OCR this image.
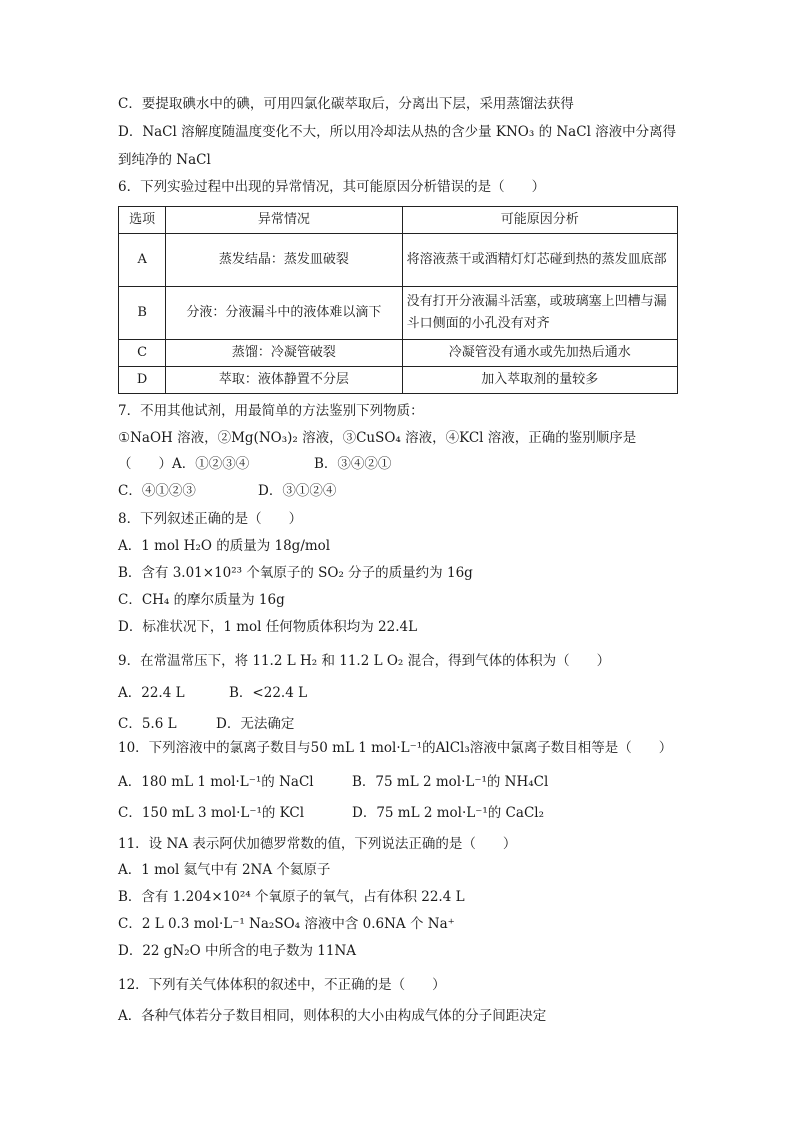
C．要提取碘水中的碘，可用四氯化碳萃取后，分离出下层，采用蒸馏法获得
D．NaCl 溶解度随温度变化不大，所以用冷却法从热的含少量 KNO₃ 的 NaCl 溶液中分离得
到纯净的 NaCl
6．下列实验过程中出现的异常情况，其可能原因分析错误的是（　　）
选项	异常情况	可能原因分析
A	蒸发结晶：蒸发皿破裂	将溶液蒸干或酒精灯灯芯碰到热的蒸发皿底部
B	分液：分液漏斗中的液体难以滴下	没有打开分液漏斗活塞，或玻璃塞上凹槽与漏斗口侧面的小孔没有对齐
C	蒸馏：冷凝管破裂	冷凝管没有通水或先加热后通水
D	萃取：液体静置不分层	加入萃取剂的量较多
7．不用其他试剂，用最简单的方法鉴别下列物质：
①NaOH 溶液，②Mg(NO₃)₂ 溶液，③CuSO₄ 溶液，④KCl 溶液，正确的鉴别顺序是
（　　）A．①②③④	B．③④②①
C．④①②③	D．③①②④
8．下列叙述正确的是（　　）
A．1 mol H₂O 的质量为 18g/mol
B．含有 3.01×10²³ 个氧原子的 SO₂ 分子的质量约为 16g
C．CH₄ 的摩尔质量为 16g
D．标准状况下，1 mol 任何物质体积均为 22.4L
9．在常温常压下，将 11.2 L H₂ 和 11.2 L O₂ 混合，得到气体的体积为（　　）
A．22.4 L	B．<22.4 L
C．5.6 L	D．无法确定
10．下列溶液中的氯离子数目与50 mL 1 mol·L⁻¹的AlCl₃溶液中氯离子数目相等是（　　）
A．180 mL 1 mol·L⁻¹的 NaCl	B．75 mL 2 mol·L⁻¹的 NH₄Cl
C．150 mL 3 mol·L⁻¹的 KCl	D．75 mL 2 mol·L⁻¹的 CaCl₂
11．设 NA 表示阿伏加德罗常数的值，下列说法正确的是（　　）
A．1 mol 氦气中有 2NA 个氦原子
B．含有 1.204×10²⁴ 个氧原子的氧气，占有体积 22.4 L
C．2 L 0.3 mol·L⁻¹ Na₂SO₄ 溶液中含 0.6NA 个 Na⁺
D．22 gN₂O 中所含的电子数为 11NA
12．下列有关气体体积的叙述中，不正确的是（　　）
A．各种气体若分子数目相同，则体积的大小由构成气体的分子间距决定
